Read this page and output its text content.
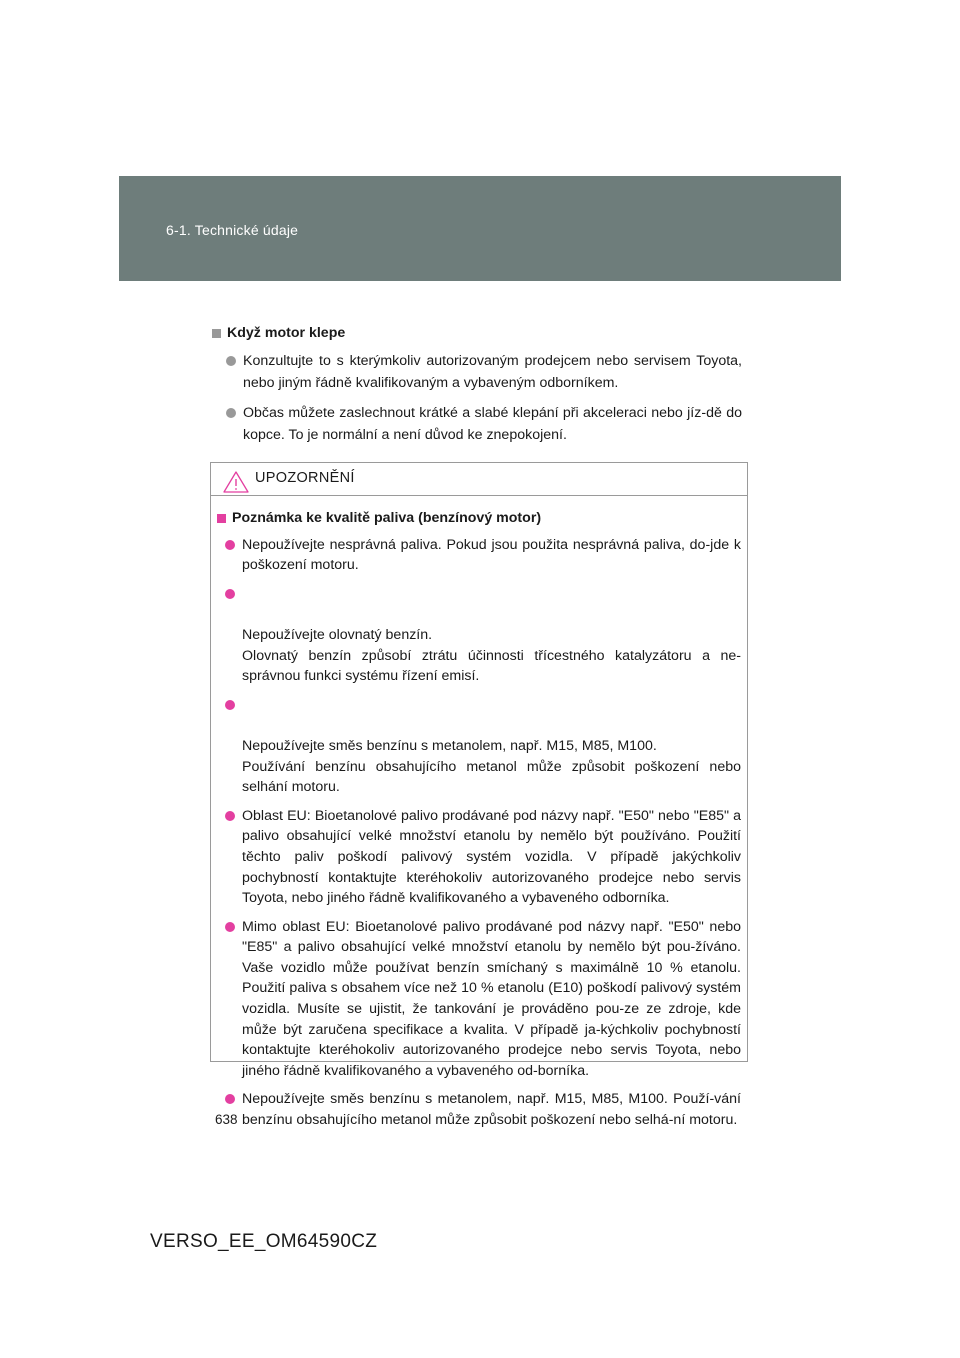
6-1. Technické údaje
Když motor klepe
Konzultujte to s kterýmkoliv autorizovaným prodejcem nebo servisem Toyota, nebo jiným řádně kvalifikovaným a vybaveným odborníkem.
Občas můžete zaslechnout krátké a slabé klepání při akceleraci nebo jíz-dě do kopce. To je normální a není důvod ke znepokojení.
UPOZORNĚNÍ
Poznámka ke kvalitě paliva (benzínový motor)
Nepoužívejte nesprávná paliva. Pokud jsou použita nesprávná paliva, do-jde k poškození motoru.

Nepoužívejte olovnatý benzín.
Olovnatý benzín způsobí ztrátu účinnosti třícestného katalyzátoru a ne-správnou funkci systému řízení emisí.

Nepoužívejte směs benzínu s metanolem, např. M15, M85, M100.
Používání benzínu obsahujícího metanol může způsobit poškození nebo selhání motoru.

Oblast EU: Bioetanolové palivo prodávané pod názvy např. "E50" nebo "E85" a palivo obsahující velké množství etanolu by nemělo být používáno. Použití těchto paliv poškodí palivový systém vozidla. V případě jakýchkoliv pochybností kontaktujte kteréhokoliv autorizovaného prodejce nebo servis Toyota, nebo jiného řádně kvalifikovaného a vybaveného odborníka.
Mimo oblast EU: Bioetanolové palivo prodávané pod názvy např. "E50" nebo "E85" a palivo obsahující velké množství etanolu by nemělo být pou-žíváno. Vaše vozidlo může používat benzín smíchaný s maximálně 10 % etanolu. Použití paliva s obsahem více než 10 % etanolu (E10) poškodí palivový systém vozidla. Musíte se ujistit, že tankování je prováděno pou-ze ze zdroje, kde může být zaručena specifikace a kvalita. V případě ja-kýchkoliv pochybností kontaktujte kteréhokoliv autorizovaného prodejce nebo servis Toyota, nebo jiného řádně kvalifikovaného a vybaveného od-borníka.
Nepoužívejte směs benzínu s metanolem, např. M15, M85, M100. Použí-vání benzínu obsahujícího metanol může způsobit poškození nebo selhá-ní motoru.
638
VERSO_EE_OM64590CZ
